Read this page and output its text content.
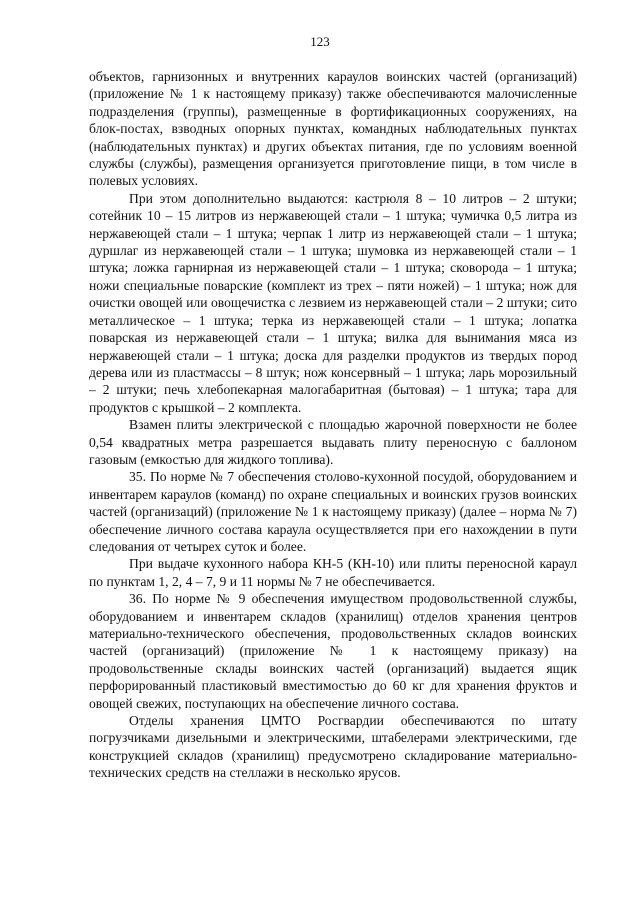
123

объектов, гарнизонных и внутренних караулов воинских частей (организаций) (приложение № 1 к настоящему приказу) также обеспечиваются малочисленные подразделения (группы), размещенные в фортификационных сооружениях, на блок-постах, взводных опорных пунктах, командных наблюдательных пунктах (наблюдательных пунктах) и других объектах питания, где по условиям военной службы (службы), размещения организуется приготовление пищи, в том числе в полевых условиях.

При этом дополнительно выдаются: кастрюля 8 – 10 литров – 2 штуки; сотейник 10 – 15 литров из нержавеющей стали – 1 штука; чумичка 0,5 литра из нержавеющей стали – 1 штука; черпак 1 литр из нержавеющей стали – 1 штука; дуршлаг из нержавеющей стали – 1 штука; шумовка из нержавеющей стали – 1 штука; ложка гарнирная из нержавеющей стали – 1 штука; сковорода – 1 штука; ножи специальные поварские (комплект из трех – пяти ножей) – 1 штука; нож для очистки овощей или овощечистка с лезвием из нержавеющей стали – 2 штуки; сито металлическое – 1 штука; терка из нержавеющей стали – 1 штука; лопатка поварская из нержавеющей стали – 1 штука; вилка для вынимания мяса из нержавеющей стали – 1 штука; доска для разделки продуктов из твердых пород дерева или из пластмассы – 8 штук; нож консервный – 1 штука; ларь морозильный – 2 штуки; печь хлебопекарная малогабаритная (бытовая) – 1 штука; тара для продуктов с крышкой – 2 комплекта.

Взамен плиты электрической с площадью жарочной поверхности не более 0,54 квадратных метра разрешается выдавать плиту переносную с баллоном газовым (емкостью для жидкого топлива).

35. По норме № 7 обеспечения столово-кухонной посудой, оборудованием и инвентарем караулов (команд) по охране специальных и воинских грузов воинских частей (организаций) (приложение № 1 к настоящему приказу) (далее – норма № 7) обеспечение личного состава караула осуществляется при его нахождении в пути следования от четырех суток и более.

При выдаче кухонного набора КН-5 (КН-10) или плиты переносной караул по пунктам 1, 2, 4 – 7, 9 и 11 нормы № 7 не обеспечивается.

36. По норме № 9 обеспечения имуществом продовольственной службы, оборудованием и инвентарем складов (хранилищ) отделов хранения центров материально-технического обеспечения, продовольственных складов воинских частей (организаций) (приложение № 1 к настоящему приказу) на продовольственные склады воинских частей (организаций) выдается ящик перфорированный пластиковый вместимостью до 60 кг для хранения фруктов и овощей свежих, поступающих на обеспечение личного состава.

Отделы хранения ЦМТО Росгвардии обеспечиваются по штату погрузчиками дизельными и электрическими, штабелерами электрическими, где конструкцией складов (хранилищ) предусмотрено складирование материально-технических средств на стеллажи в несколько ярусов.
